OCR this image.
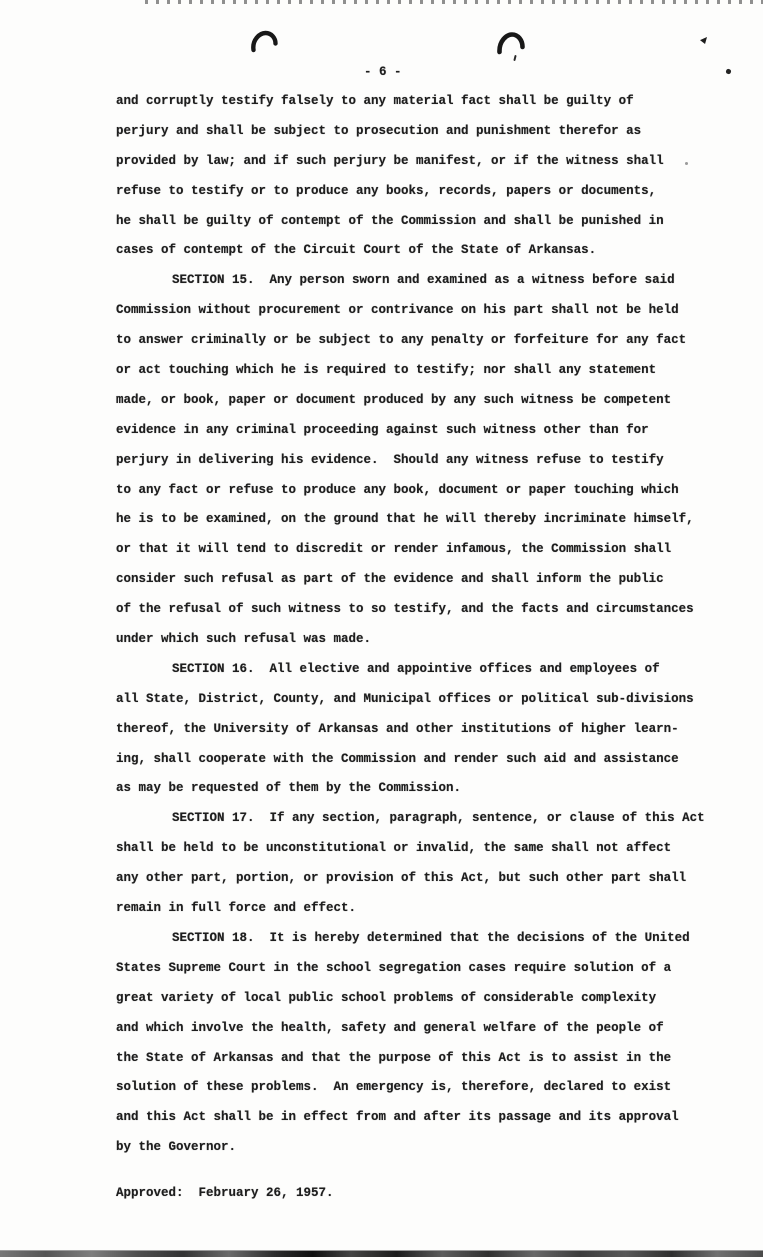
- 6 -
and corruptly testify falsely to any material fact shall be guilty of
perjury and shall be subject to prosecution and punishment therefor as
provided by law; and if such perjury be manifest, or if the witness shall
refuse to testify or to produce any books, records, papers or documents,
he shall be guilty of contempt of the Commission and shall be punished in
cases of contempt of the Circuit Court of the State of Arkansas.
SECTION 15.  Any person sworn and examined as a witness before said
Commission without procurement or contrivance on his part shall not be held
to answer criminally or be subject to any penalty or forfeiture for any fact
or act touching which he is required to testify; nor shall any statement
made, or book, paper or document produced by any such witness be competent
evidence in any criminal proceeding against such witness other than for
perjury in delivering his evidence.  Should any witness refuse to testify
to any fact or refuse to produce any book, document or paper touching which
he is to be examined, on the ground that he will thereby incriminate himself,
or that it will tend to discredit or render infamous, the Commission shall
consider such refusal as part of the evidence and shall inform the public
of the refusal of such witness to so testify, and the facts and circumstances
under which such refusal was made.
SECTION 16.  All elective and appointive offices and employees of
all State, District, County, and Municipal offices or political sub-divisions
thereof, the University of Arkansas and other institutions of higher learn-
ing, shall cooperate with the Commission and render such aid and assistance
as may be requested of them by the Commission.
SECTION 17.  If any section, paragraph, sentence, or clause of this Act
shall be held to be unconstitutional or invalid, the same shall not affect
any other part, portion, or provision of this Act, but such other part shall
remain in full force and effect.
SECTION 18.  It is hereby determined that the decisions of the United
States Supreme Court in the school segregation cases require solution of a
great variety of local public school problems of considerable complexity
and which involve the health, safety and general welfare of the people of
the State of Arkansas and that the purpose of this Act is to assist in the
solution of these problems.  An emergency is, therefore, declared to exist
and this Act shall be in effect from and after its passage and its approval
by the Governor.
Approved:  February 26, 1957.
